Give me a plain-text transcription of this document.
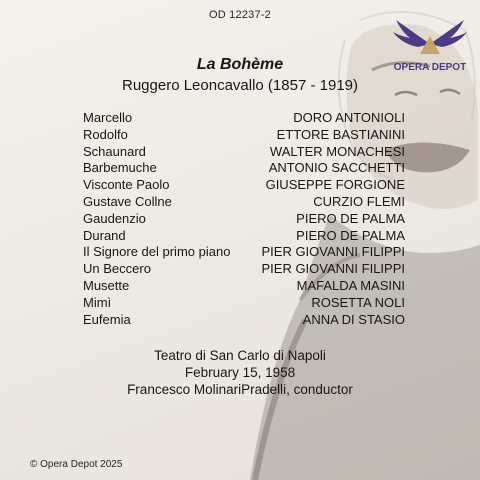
OD 12237-2
OPERA DEPOT
La Bohème
Ruggero Leoncavallo (1857 - 1919)
Marcello	DORO ANTONIOLI
Rodolfo	ETTORE BASTIANINI
Schaunard	WALTER MONACHESI
Barbemuche	ANTONIO SACCHETTI
Visconte Paolo	GIUSEPPE FORGIONE
Gustave Collne	CURZIO FLEMI
Gaudenzio	PIERO DE PALMA
Durand	PIERO DE PALMA
Il Signore del primo piano PIER GIOVANNI FILIPPI
Un Beccero	PIER GIOVANNI FILIPPI
Musette	MAFALDA MASINI
Mimì	ROSETTA NOLI
Eufemia	ANNA DI STASIO
Teatro di San Carlo di Napoli
February 15, 1958
Francesco MolinariPradelli, conductor
© Opera Depot 2025
